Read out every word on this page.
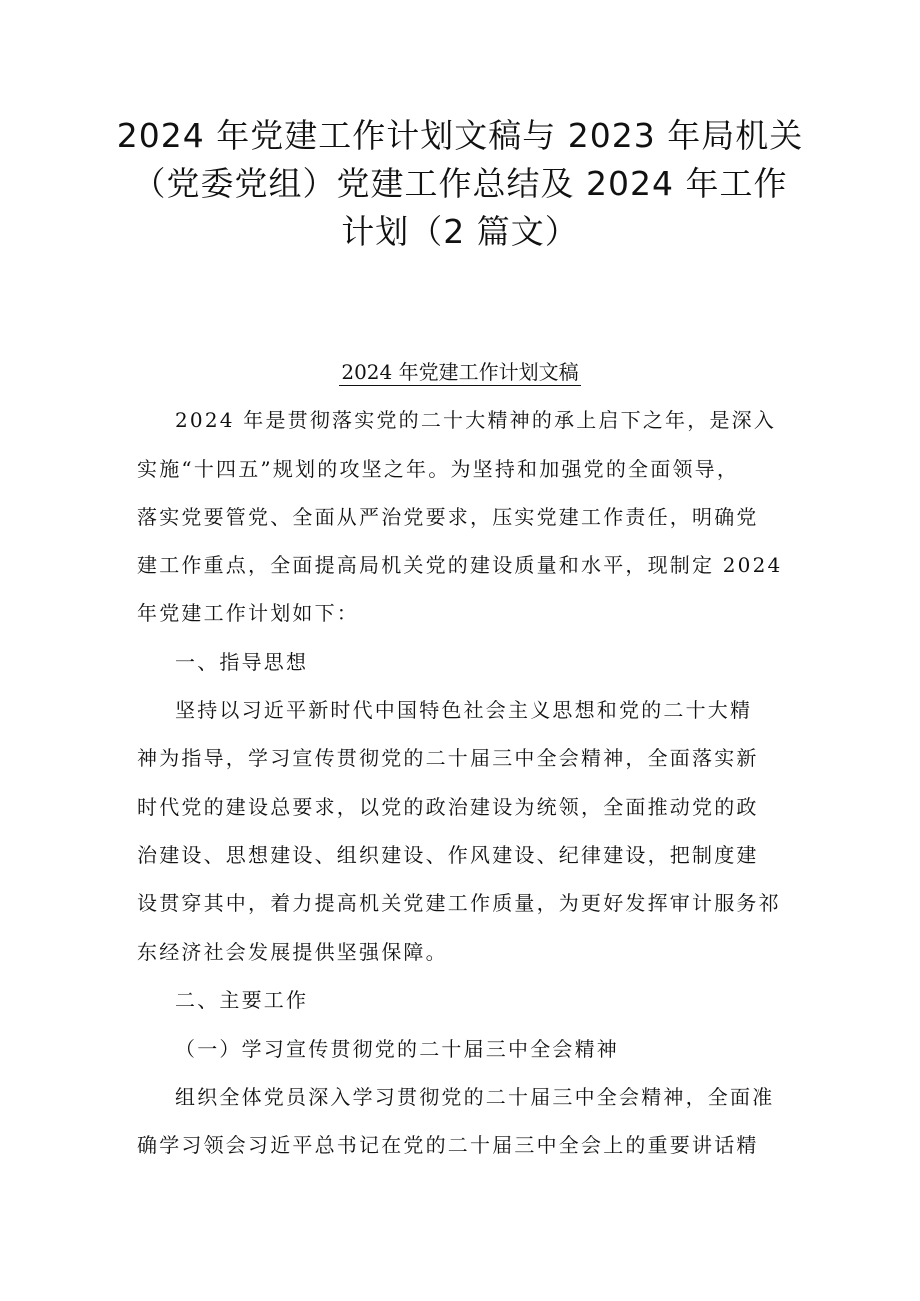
2024 年党建工作计划文稿与 2023 年局机关
（党委党组）党建工作总结及 2024 年工作
计划（2 篇文）
2024 年党建工作计划文稿
2024 年是贯彻落实党的二十大精神的承上启下之年，是深入
实施“十四五”规划的攻坚之年。为坚持和加强党的全面领导，
落实党要管党、全面从严治党要求，压实党建工作责任，明确党
建工作重点，全面提高局机关党的建设质量和水平，现制定 2024
年党建工作计划如下：
一、指导思想
坚持以习近平新时代中国特色社会主义思想和党的二十大精
神为指导，学习宣传贯彻党的二十届三中全会精神，全面落实新
时代党的建设总要求，以党的政治建设为统领，全面推动党的政
治建设、思想建设、组织建设、作风建设、纪律建设，把制度建
设贯穿其中，着力提高机关党建工作质量，为更好发挥审计服务祁
东经济社会发展提供坚强保障。
二、主要工作
（一）学习宣传贯彻党的二十届三中全会精神
组织全体党员深入学习贯彻党的二十届三中全会精神，全面准
确学习领会习近平总书记在党的二十届三中全会上的重要讲话精
